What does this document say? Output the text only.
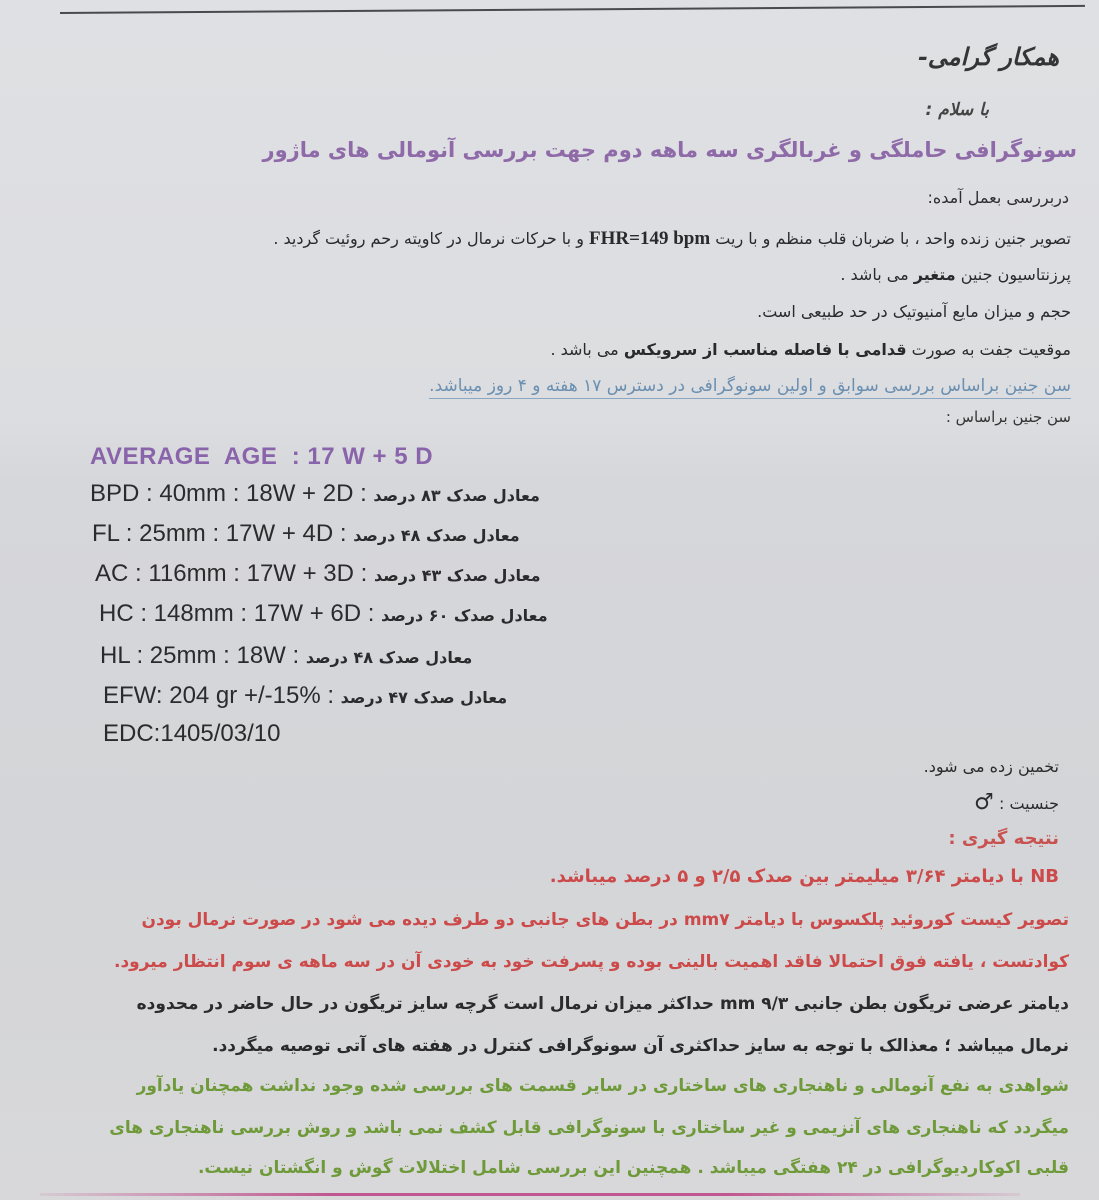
همکار گرامی-
با سلام :
سونوگرافی حاملگی و غربالگری سه ماهه دوم جهت بررسی آنومالی های ماژور
دربررسی بعمل آمده:
تصویر جنین زنده واحد ، با ضربان قلب منظم و با ریت FHR=149 bpm و با حرکات نرمال در کاویته رحم روئیت گردید .
پرزنتاسیون جنین متغیر می باشد .
حجم و میزان مایع آمنیوتیک در حد طبیعی است.
موقعیت جفت به صورت قدامی با فاصله مناسب از سرویکس می باشد .
سن جنین براساس بررسی سوابق و اولین سونوگرافی در دسترس ۱۷ هفته و ۴ روز میباشد.
سن جنین براساس :
AVERAGE  AGE  : 17 W + 5 D
BPD : 40mm : 18W + 2D : معادل صدک ۸۳ درصد
FL : 25mm : 17W + 4D : معادل صدک ۴۸ درصد
AC : 116mm : 17W + 3D : معادل صدک ۴۳ درصد
HC : 148mm : 17W + 6D : معادل صدک ۶۰ درصد
HL : 25mm : 18W : معادل صدک ۴۸ درصد
EFW: 204 gr +/-15% : معادل صدک ۴۷ درصد
EDC:1405/03/10
تخمین زده می شود.
جنسیت : ♂
نتیجه گیری :
NB با دیامتر ۳/۶۴ میلیمتر بین صدک ۲/۵ و ۵ درصد میباشد.
تصویر کیست کوروئید پلکسوس با دیامتر mm۷ در بطن های جانبی دو طرف دیده می شود در صورت نرمال بودن
کوادتست ، یافته فوق احتمالا فاقد اهمیت بالینی بوده و پسرفت خود به خودی آن در سه ماهه ی سوم انتظار میرود.
دیامتر عرضی تریگون بطن جانبی mm ۹/۳ حداکثر میزان نرمال است گرچه سایز تریگون در حال حاضر در محدوده
نرمال میباشد ؛ معذالک با توجه به سایز حداکثری آن سونوگرافی کنترل در هفته های آتی توصیه میگردد.
شواهدی به نفع آنومالی و ناهنجاری های ساختاری در سایر قسمت های بررسی شده وجود نداشت همچنان یادآور
میگردد که ناهنجاری های آنزیمی و غیر ساختاری با سونوگرافی قابل کشف نمی باشد و روش بررسی ناهنجاری های
قلبی اکوکاردیوگرافی در ۲۴ هفتگی میباشد . همچنین این بررسی شامل اختلالات گوش و انگشتان نیست.
